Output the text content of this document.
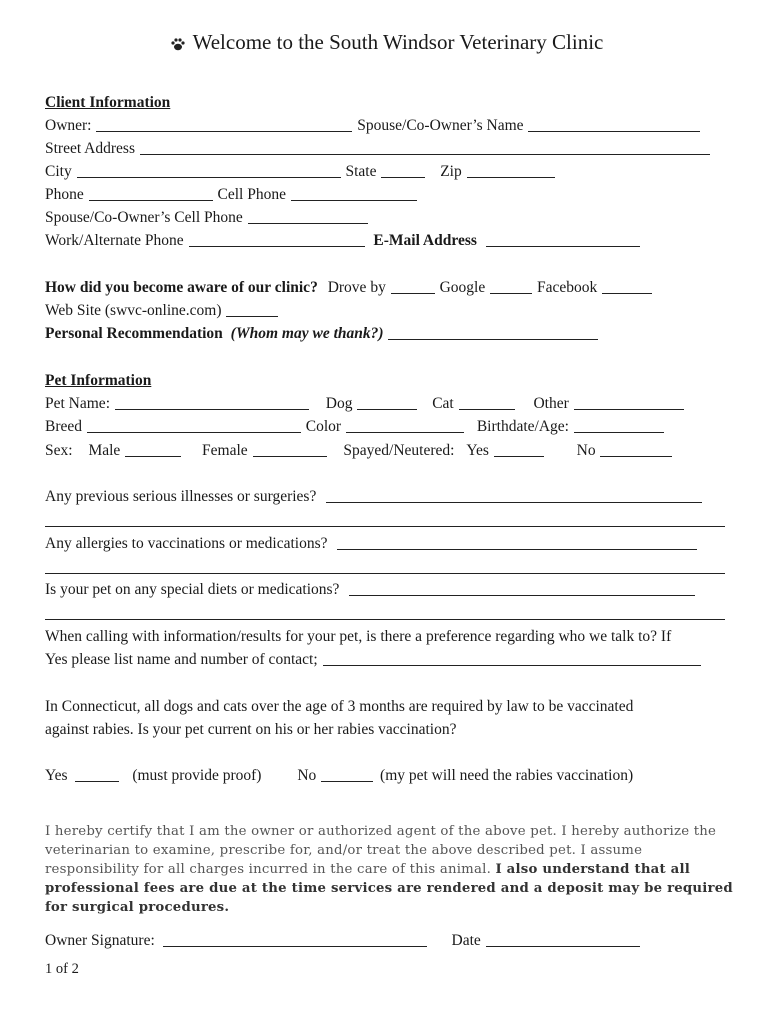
Welcome to the South Windsor Veterinary Clinic
Client Information
Owner:	Spouse/Co-Owner’s Name
Street Address
City	State	Zip
Phone	Cell Phone
Spouse/Co-Owner’s Cell Phone
Work/Alternate Phone	E-Mail Address
How did you become aware of our clinic? Drove by	Google	Facebook
Web Site (swvc-online.com)
Personal Recommendation (Whom may we thank?)
Pet Information
Pet Name:	Dog	Cat	Other
Breed	Color	Birthdate/Age:
Sex: Male	Female	Spayed/Neutered: Yes	No
Any previous serious illnesses or surgeries?
Any allergies to vaccinations or medications?
Is your pet on any special diets or medications?
When calling with information/results for your pet, is there a preference regarding who we talk to? If
Yes please list name and number of contact;
In Connecticut, all dogs and cats over the age of 3 months are required by law to be vaccinated
against rabies. Is your pet current on his or her rabies vaccination?
Yes	(must provide proof) No	(my pet will need the rabies vaccination)
I hereby certify that I am the owner or authorized agent of the above pet. I hereby authorize the veterinarian to examine, prescribe for, and/or treat the above described pet. I assume responsibility for all charges incurred in the care of this animal. I also understand that all professional fees are due at the time services are rendered and a deposit may be required for surgical procedures.
Owner Signature:	Date
1 of 2
